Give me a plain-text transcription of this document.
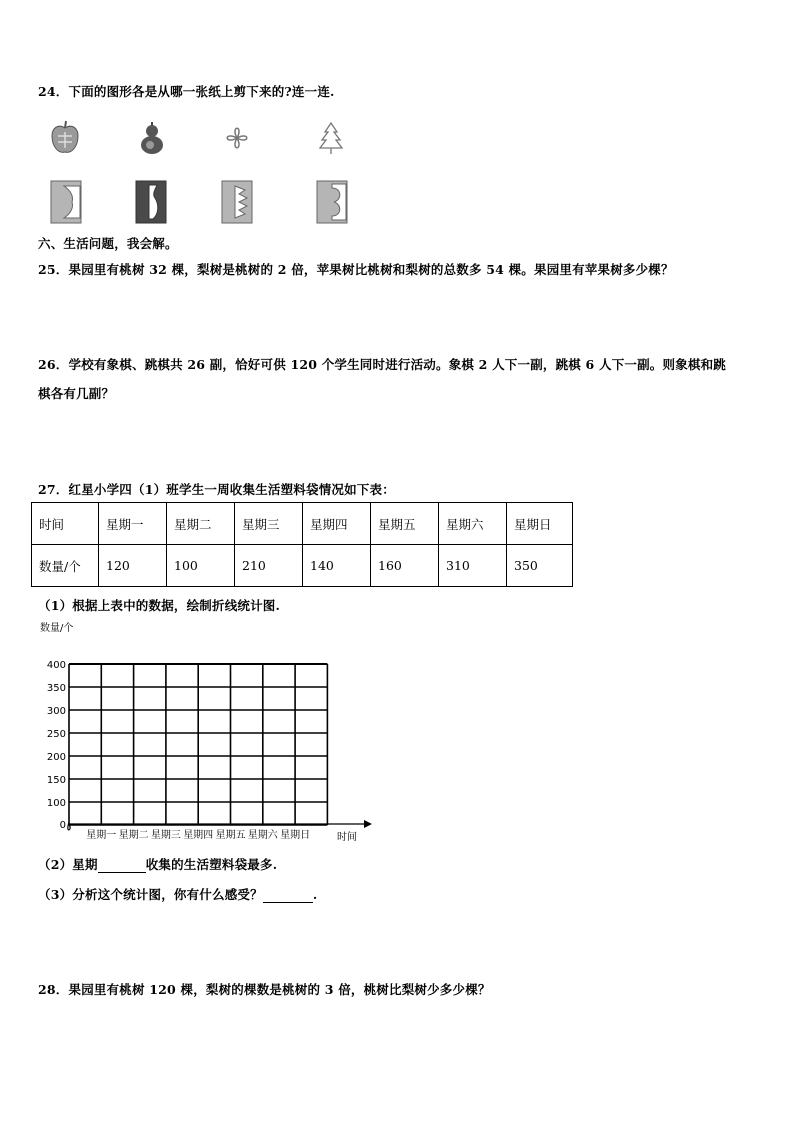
24．下面的图形各是从哪一张纸上剪下来的?连一连.
六、生活问题，我会解。
25．果园里有桃树 32 棵，梨树是桃树的 2 倍，苹果树比桃树和梨树的总数多 54 棵。果园里有苹果树多少棵？
26．学校有象棋、跳棋共 26 副，恰好可供 120 个学生同时进行活动。象棋 2 人下一副，跳棋 6 人下一副。则象棋和跳
棋各有几副？
27．红星小学四（1）班学生一周收集生活塑料袋情况如下表：
时间	星期一	星期二	星期三	星期四	星期五	星期六	星期日
数量/个	120	100	210	140	160	310	350
（1）根据上表中的数据，绘制折线统计图.
数量/个
400
350
300
250
200
150
100
0
星期一 星期二 星期三 星期四 星期五 星期六 星期日	时间
（2）星期	收集的生活塑料袋最多.
（3）分析这个统计图，你有什么感受？	.
28．果园里有桃树 120 棵，梨树的棵数是桃树的 3 倍，桃树比梨树少多少棵？
